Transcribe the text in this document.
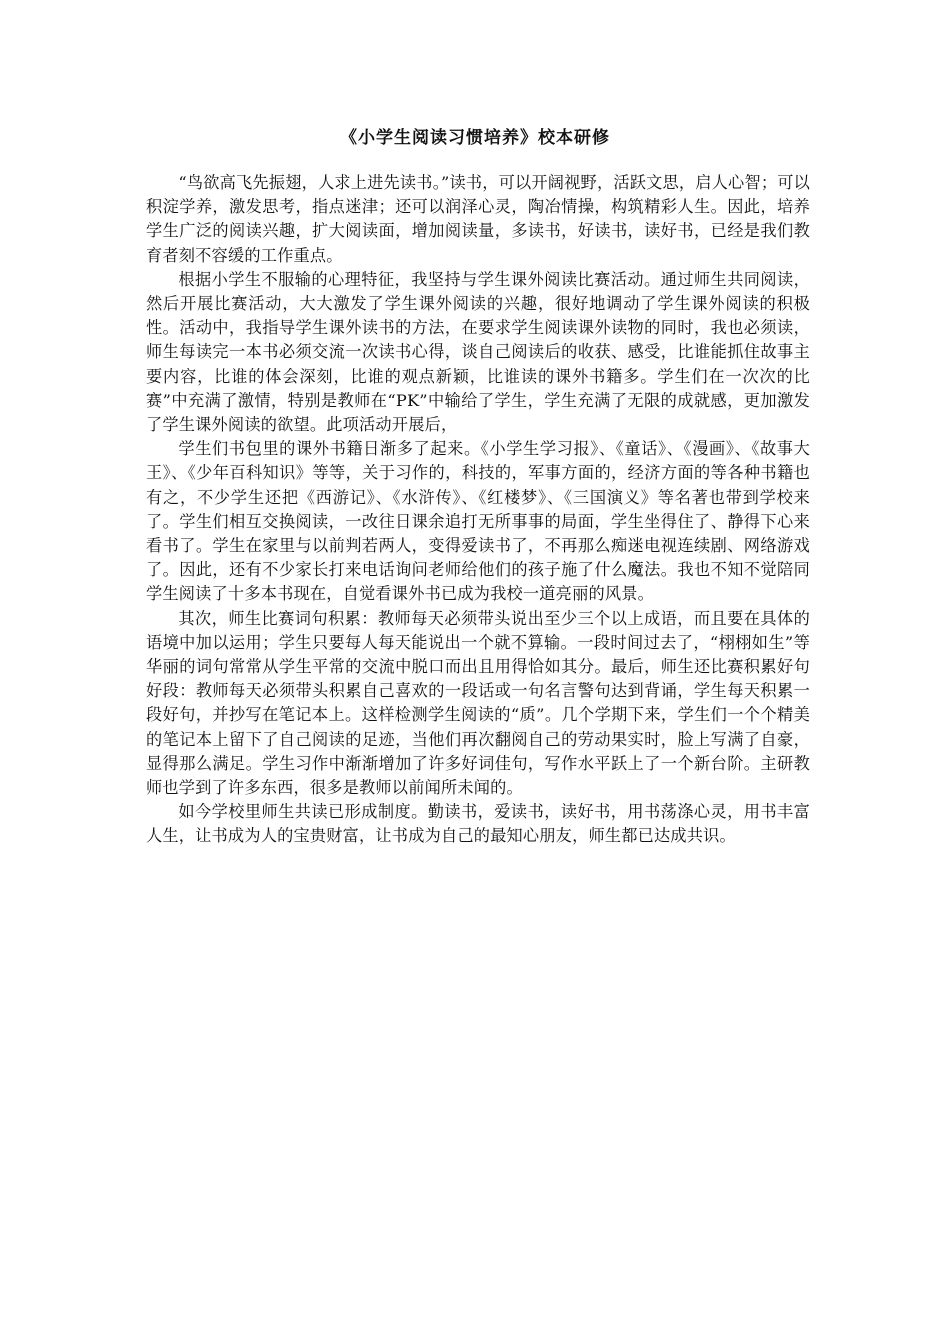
《小学生阅读习惯培养》校本研修

“鸟欲高飞先振翅，人求上进先读书。”读书，可以开阔视野，活跃文思，启人心智；可以积淀学养，激发思考，指点迷津；还可以润泽心灵，陶冶情操，构筑精彩人生。因此，培养学生广泛的阅读兴趣，扩大阅读面，增加阅读量，多读书，好读书，读好书，已经是我们教育者刻不容缓的工作重点。

根据小学生不服输的心理特征，我坚持与学生课外阅读比赛活动。通过师生共同阅读，然后开展比赛活动，大大激发了学生课外阅读的兴趣，很好地调动了学生课外阅读的积极性。活动中，我指导学生课外读书的方法，在要求学生阅读课外读物的同时，我也必须读，师生每读完一本书必须交流一次读书心得，谈自己阅读后的收获、感受，比谁能抓住故事主要内容，比谁的体会深刻，比谁的观点新颖，比谁读的课外书籍多。学生们在一次次的比赛”中充满了激情，特别是教师在“PK”中输给了学生，学生充满了无限的成就感，更加激发了学生课外阅读的欲望。此项活动开展后，

学生们书包里的课外书籍日渐多了起来。《小学生学习报》、《童话》、《漫画》、《故事大王》、《少年百科知识》等等，关于习作的，科技的，军事方面的，经济方面的等各种书籍也有之，不少学生还把《西游记》、《水浒传》、《红楼梦》、《三国演义》等名著也带到学校来了。学生们相互交换阅读，一改往日课余追打无所事事的局面，学生坐得住了、静得下心来看书了。学生在家里与以前判若两人，变得爱读书了，不再那么痴迷电视连续剧、网络游戏了。因此，还有不少家长打来电话询问老师给他们的孩子施了什么魔法。我也不知不觉陪同学生阅读了十多本书现在，自觉看课外书已成为我校一道亮丽的风景。

其次，师生比赛词句积累：教师每天必须带头说出至少三个以上成语，而且要在具体的语境中加以运用；学生只要每人每天能说出一个就不算输。一段时间过去了，“栩栩如生”等华丽的词句常常从学生平常的交流中脱口而出且用得恰如其分。最后，师生还比赛积累好句好段：教师每天必须带头积累自己喜欢的一段话或一句名言警句达到背诵，学生每天积累一段好句，并抄写在笔记本上。这样检测学生阅读的“质”。几个学期下来，学生们一个个精美的笔记本上留下了自己阅读的足迹，当他们再次翻阅自己的劳动果实时，脸上写满了自豪，显得那么满足。学生习作中渐渐增加了许多好词佳句，写作水平跃上了一个新台阶。主研教师也学到了许多东西，很多是教师以前闻所未闻的。

如今学校里师生共读已形成制度。勤读书，爱读书，读好书，用书荡涤心灵，用书丰富人生，让书成为人的宝贵财富，让书成为自己的最知心朋友，师生都已达成共识。
